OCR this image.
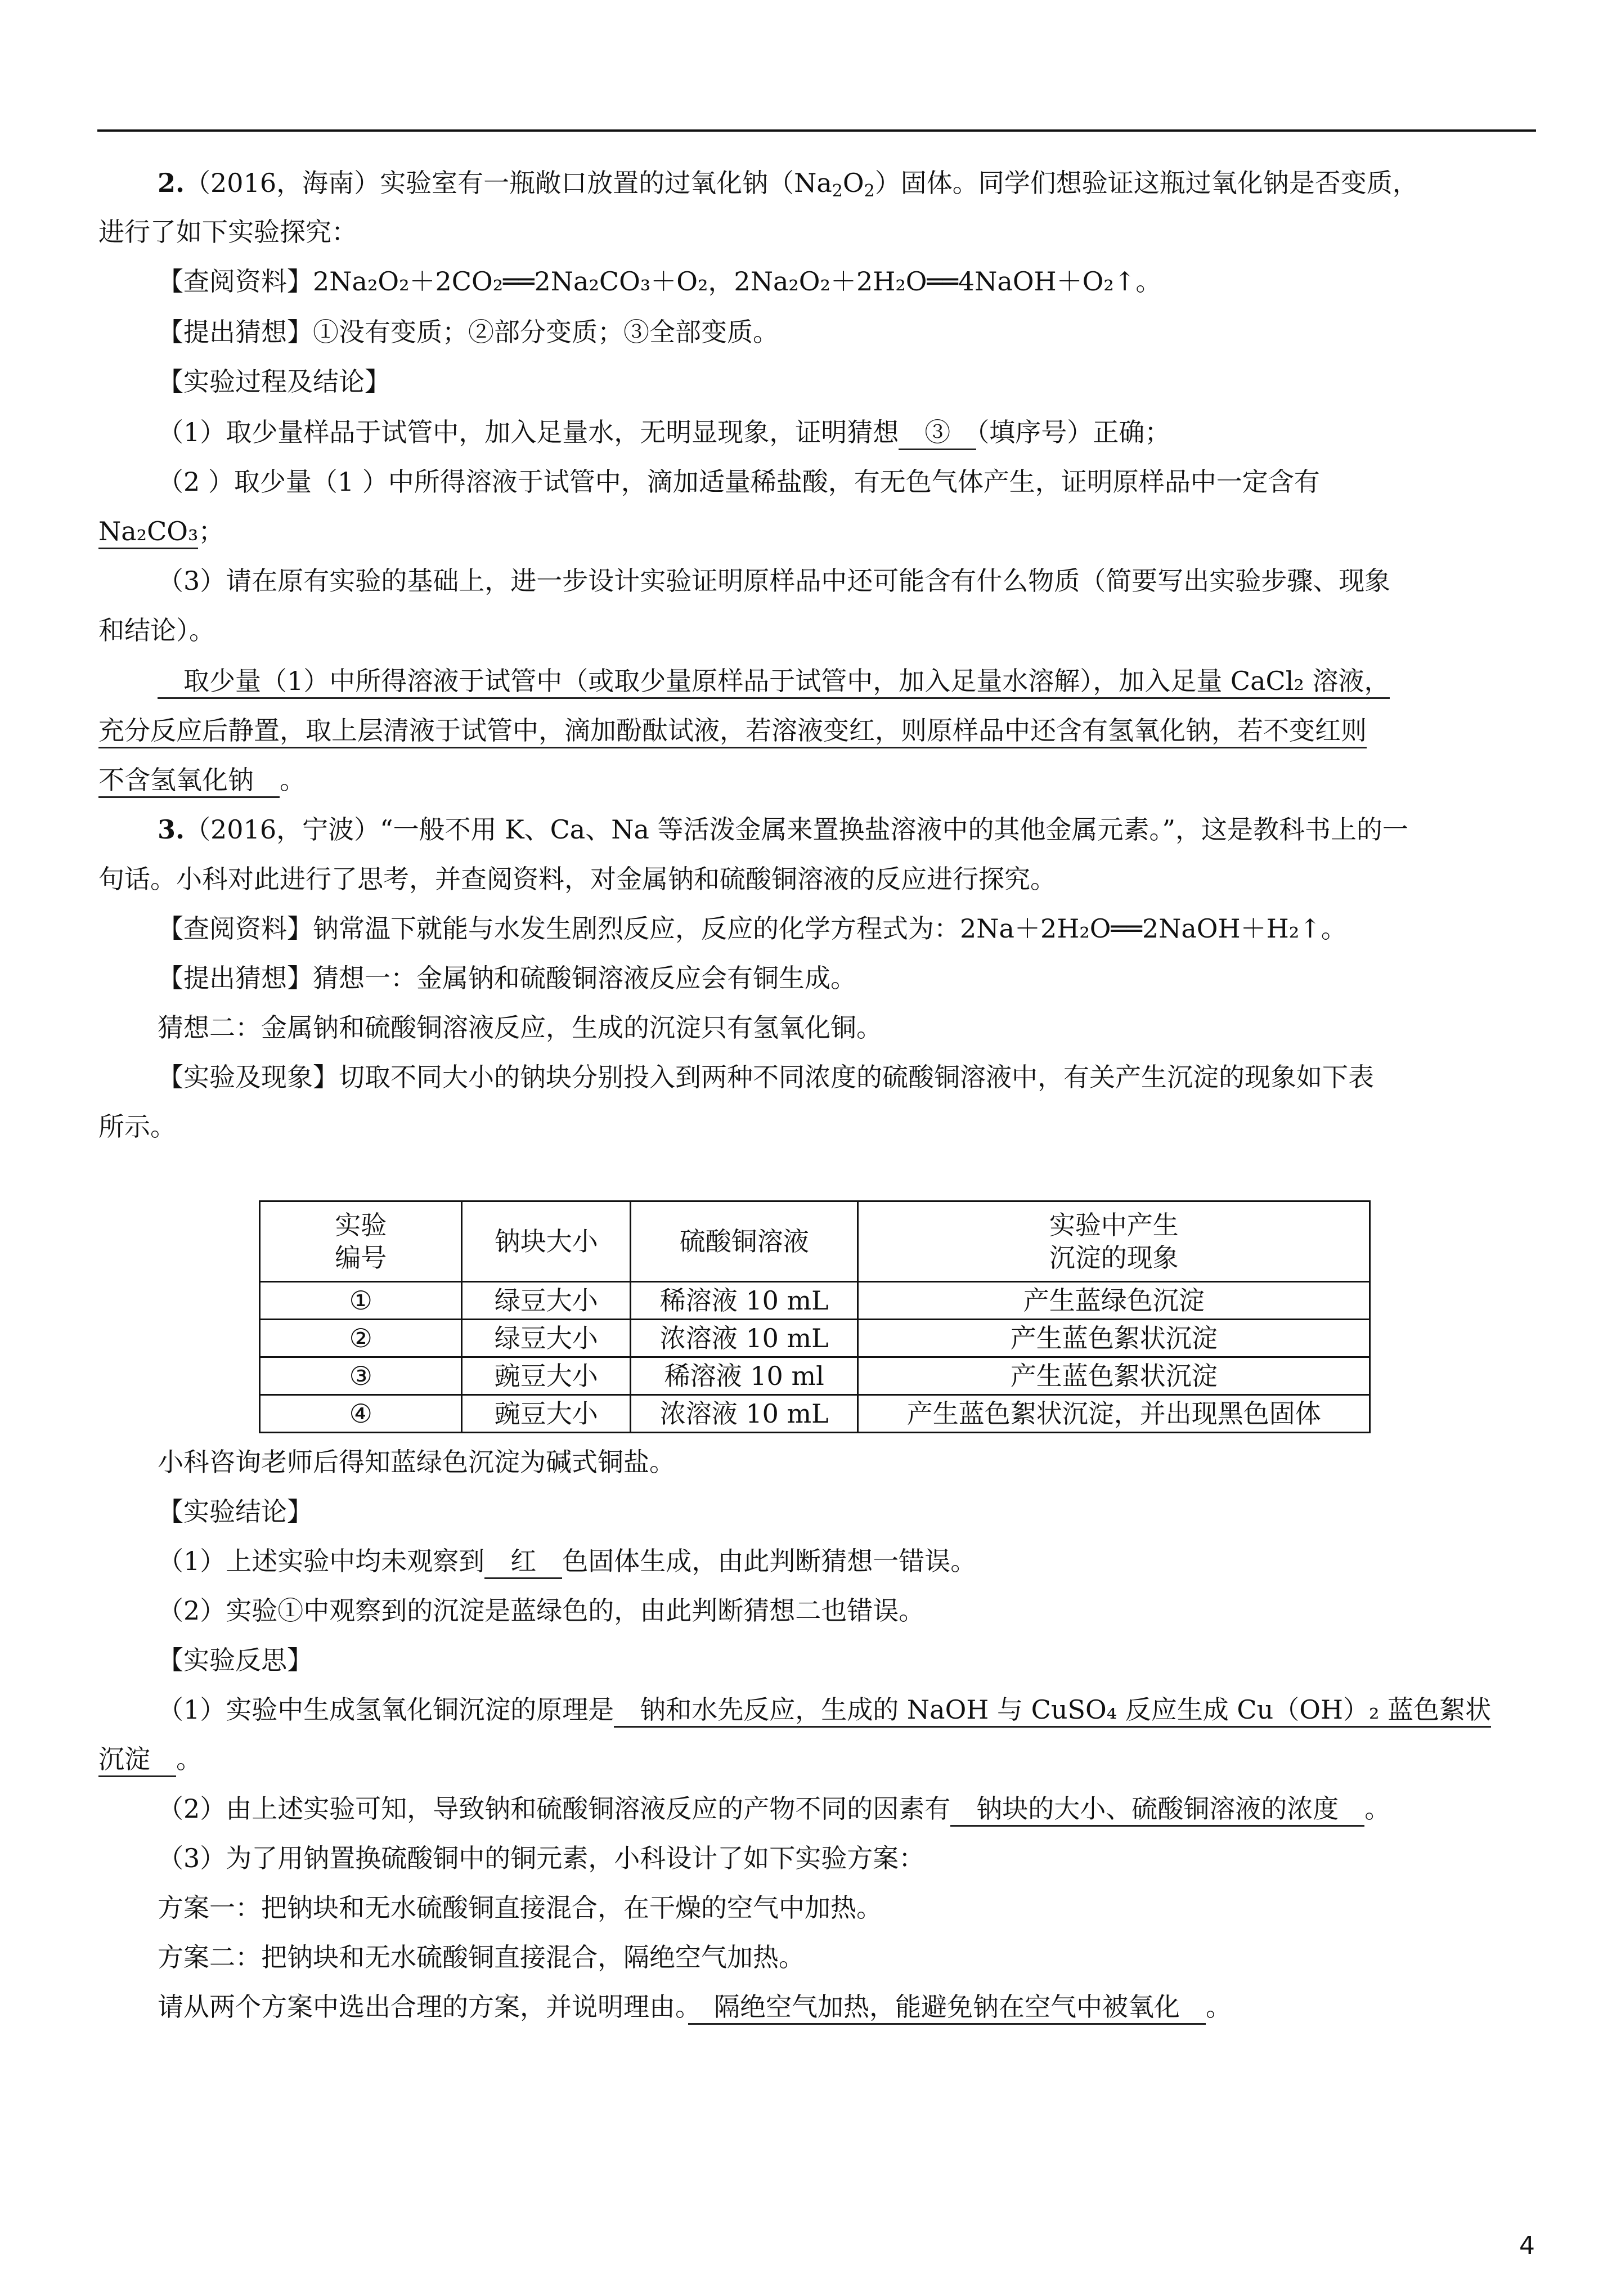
2.（2016，海南）实验室有一瓶敞口放置的过氧化钠$(Na_2O_2)$固体。同学们想验证这瓶过氧化钠是否变质，
进行了如下实验探究：
【查阅资料】2Na₂O₂＋2CO₂══2Na₂CO₃＋O₂，2Na₂O₂＋2H₂O══4NaOH＋O₂↑。
【提出猜想】①没有变质；②部分变质；③全部变质。
【实验过程及结论】
（1）取少量样品于试管中，加入足量水，无明显现象，证明猜想　③　（填序号）正确；
（2 ）取少量（1 ）中所得溶液于试管中，滴加适量稀盐酸，有无色气体产生，证明原样品中一定含有
Na₂CO₃；
（3）请在原有实验的基础上，进一步设计实验证明原样品中还可能含有什么物质（简要写出实验步骤、现象
和结论）。
　取少量（1）中所得溶液于试管中（或取少量原样品于试管中，加入足量水溶解），加入足量 CaCl₂ 溶液，
充分反应后静置，取上层清液于试管中，滴加酚酞试液，若溶液变红，则原样品中还含有氢氧化钠，若不变红则
不含氢氧化钠　。
3.（2016，宁波）“一般不用 K、Ca、Na 等活泼金属来置换盐溶液中的其他金属元素。”，这是教科书上的一
句话。小科对此进行了思考，并查阅资料，对金属钠和硫酸铜溶液的反应进行探究。
【查阅资料】钠常温下就能与水发生剧烈反应，反应的化学方程式为：2Na＋2H₂O══2NaOH＋H₂↑。
【提出猜想】猜想一：金属钠和硫酸铜溶液反应会有铜生成。
猜想二：金属钠和硫酸铜溶液反应，生成的沉淀只有氢氧化铜。
【实验及现象】切取不同大小的钠块分别投入到两种不同浓度的硫酸铜溶液中，有关产生沉淀的现象如下表
所示。
实验
编号	钠块大小	硫酸铜溶液	实验中产生
沉淀的现象
①	绿豆大小	稀溶液 10 mL	产生蓝绿色沉淀
②	绿豆大小	浓溶液 10 mL	产生蓝色絮状沉淀
③	豌豆大小	稀溶液 10 ml	产生蓝色絮状沉淀
④	豌豆大小	浓溶液 10 mL	产生蓝色絮状沉淀，并出现黑色固体
小科咨询老师后得知蓝绿色沉淀为碱式铜盐。
【实验结论】
（1）上述实验中均未观察到　红　色固体生成，由此判断猜想一错误。
（2）实验①中观察到的沉淀是蓝绿色的，由此判断猜想二也错误。
【实验反思】
（1）实验中生成氢氧化铜沉淀的原理是　钠和水先反应，生成的 NaOH 与 CuSO₄ 反应生成 Cu（OH）₂ 蓝色絮状
沉淀　。
（2）由上述实验可知，导致钠和硫酸铜溶液反应的产物不同的因素有　钠块的大小、硫酸铜溶液的浓度　。
（3）为了用钠置换硫酸铜中的铜元素，小科设计了如下实验方案：
方案一：把钠块和无水硫酸铜直接混合，在干燥的空气中加热。
方案二：把钠块和无水硫酸铜直接混合，隔绝空气加热。
请从两个方案中选出合理的方案，并说明理由。　隔绝空气加热，能避免钠在空气中被氧化　。
4
